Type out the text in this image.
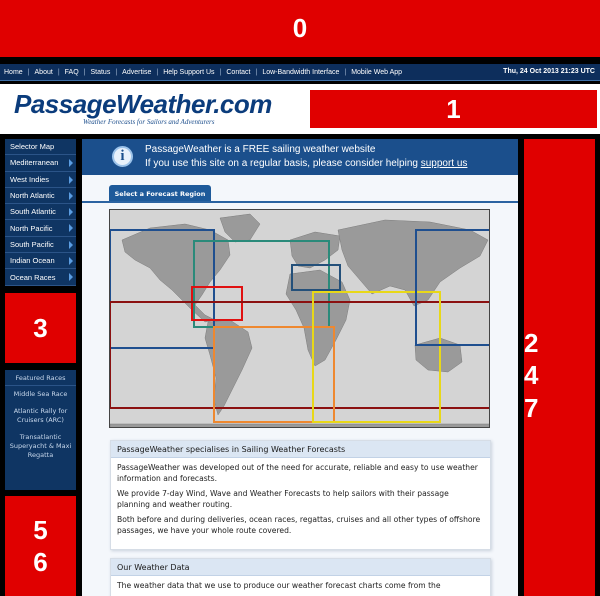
0
Home | About | FAQ | Status | Advertise | Help Support Us | Contact | Low-Bandwidth Interface | Mobile Web App	Thu, 24 Oct 2013 21:23 UTC
PassageWeather.com
Weather Forecasts for Sailors and Adventurers	1
Selector Map
Mediterranean
West Indies
North Atlantic
South Atlantic
North Pacific
South Pacific
Indian Ocean
Ocean Races
3
Featured Races
Middle Sea Race
Atlantic Rally for Cruisers (ARC)
Transatlantic Superyacht & Maxi Regatta
5
6
i	PassageWeather is a FREE sailing weather website
If you use this site on a regular basis, please consider helping support us
Select a Forecast Region
PassageWeather specialises in Sailing Weather Forecasts

PassageWeather was developed out of the need for accurate, reliable and easy to use weather information and forecasts.

We provide 7-day Wind, Wave and Weather Forecasts to help sailors with their passage planning and weather routing.

Both before and during deliveries, ocean races, regattas, cruises and all other types of offshore passages, we have your whole route covered.

Our Weather Data

The weather data that we use to produce our weather forecast charts come from the

2
4
7
